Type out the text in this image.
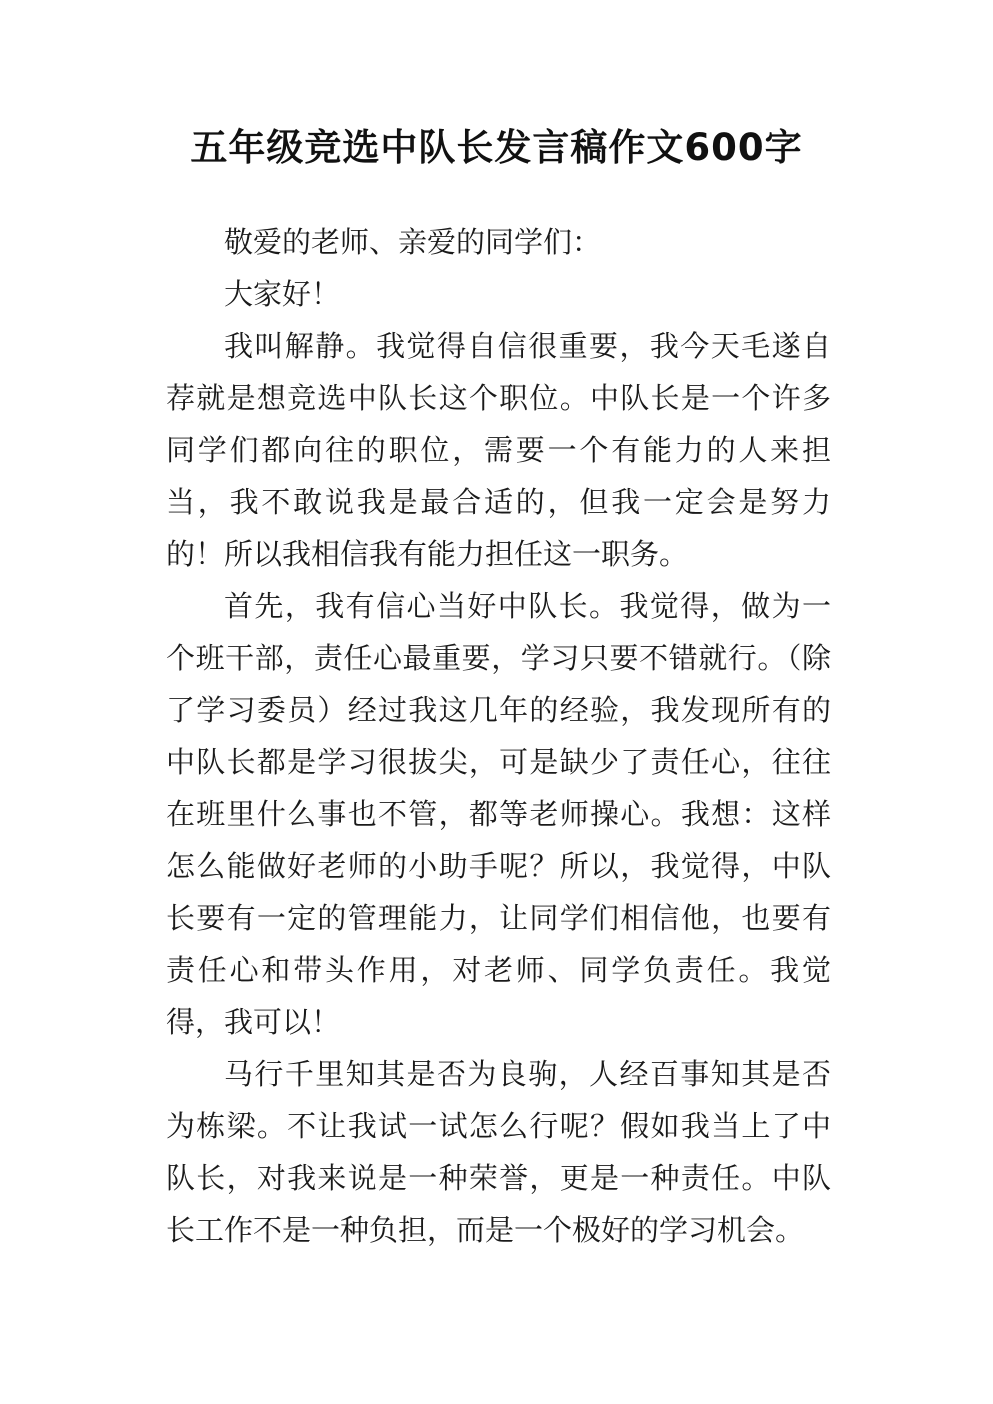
五年级竞选中队长发言稿作文600字

敬爱的老师、亲爱的同学们：

大家好！

我叫解静。我觉得自信很重要，我今天毛遂自荐就是想竞选中队长这个职位。中队长是一个许多同学们都向往的职位，需要一个有能力的人来担当，我不敢说我是最合适的，但我一定会是努力的！所以我相信我有能力担任这一职务。

首先，我有信心当好中队长。我觉得，做为一个班干部，责任心最重要，学习只要不错就行。（除了学习委员）经过我这几年的经验，我发现所有的中队长都是学习很拔尖，可是缺少了责任心，往往在班里什么事也不管，都等老师操心。我想：这样怎么能做好老师的小助手呢？所以，我觉得，中队长要有一定的管理能力，让同学们相信他，也要有责任心和带头作用，对老师、同学负责任。我觉得，我可以！

马行千里知其是否为良驹，人经百事知其是否为栋梁。不让我试一试怎么行呢？假如我当上了中队长，对我来说是一种荣誉，更是一种责任。中队长工作不是一种负担，而是一个极好的学习机会。
